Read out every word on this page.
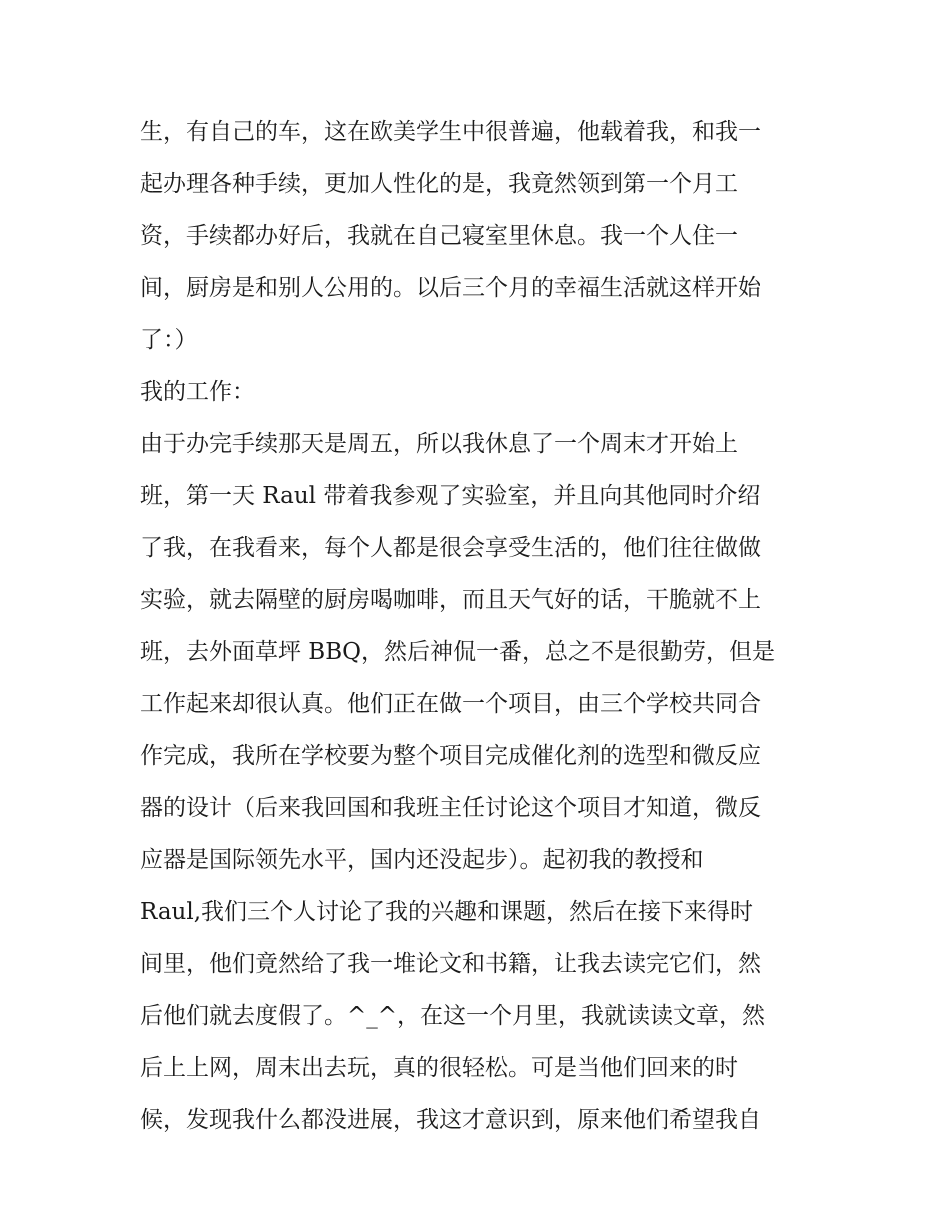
生，有自己的车，这在欧美学生中很普遍，他载着我，和我一
起办理各种手续，更加人性化的是，我竟然领到第一个月工
资，手续都办好后，我就在自己寝室里休息。我一个人住一
间，厨房是和别人公用的。以后三个月的幸福生活就这样开始
了：）
我的工作：
由于办完手续那天是周五，所以我休息了一个周末才开始上
班，第一天 Raul 带着我参观了实验室，并且向其他同时介绍
了我，在我看来，每个人都是很会享受生活的，他们往往做做
实验，就去隔壁的厨房喝咖啡，而且天气好的话，干脆就不上
班，去外面草坪 BBQ，然后神侃一番，总之不是很勤劳，但是
工作起来却很认真。他们正在做一个项目，由三个学校共同合
作完成，我所在学校要为整个项目完成催化剂的选型和微反应
器的设计（后来我回国和我班主任讨论这个项目才知道，微反
应器是国际领先水平，国内还没起步）。起初我的教授和
Raul,我们三个人讨论了我的兴趣和课题，然后在接下来得时
间里，他们竟然给了我一堆论文和书籍，让我去读完它们，然
后他们就去度假了。^_^，在这一个月里，我就读读文章，然
后上上网，周末出去玩，真的很轻松。可是当他们回来的时
候，发现我什么都没进展，我这才意识到，原来他们希望我自
